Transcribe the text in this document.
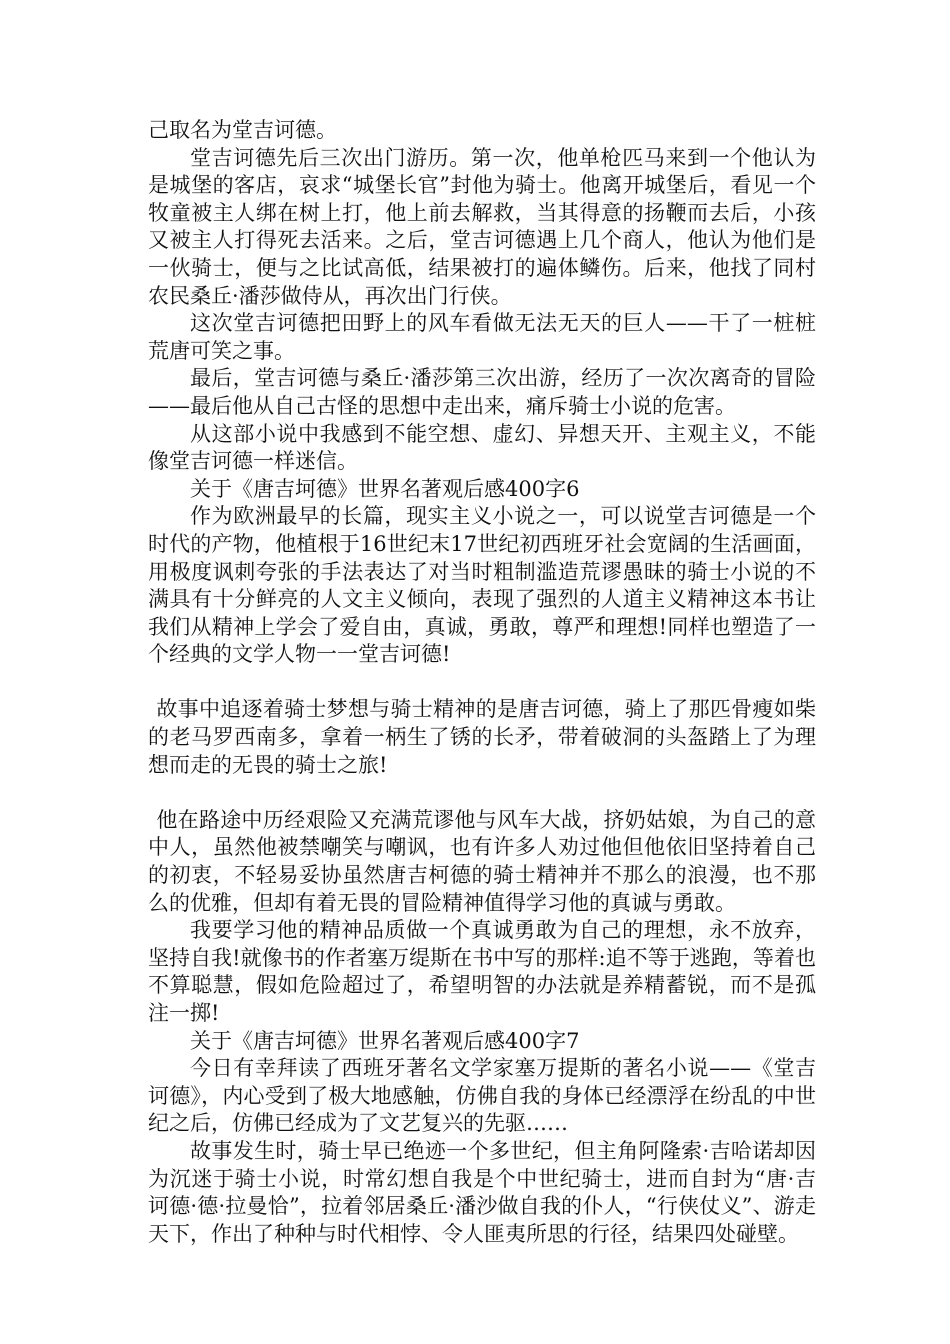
己取名为堂吉诃德。

堂吉诃德先后三次出门游历。第一次，他单枪匹马来到一个他认为是城堡的客店，哀求“城堡长官”封他为骑士。他离开城堡后，看见一个牧童被主人绑在树上打，他上前去解救，当其得意的扬鞭而去后，小孩又被主人打得死去活来。之后，堂吉诃德遇上几个商人，他认为他们是一伙骑士，便与之比试高低，结果被打的遍体鳞伤。后来，他找了同村农民桑丘·潘莎做侍从，再次出门行侠。

这次堂吉诃德把田野上的风车看做无法无天的巨人——干了一桩桩荒唐可笑之事。

最后，堂吉诃德与桑丘·潘莎第三次出游，经历了一次次离奇的冒险——最后他从自己古怪的思想中走出来，痛斥骑士小说的危害。

从这部小说中我感到不能空想、虚幻、异想天开、主观主义，不能像堂吉诃德一样迷信。

关于《唐吉坷德》世界名著观后感400字6

作为欧洲最早的长篇，现实主义小说之一，可以说堂吉诃德是一个时代的产物，他植根于16世纪末17世纪初西班牙社会宽阔的生活画面，用极度讽刺夸张的手法表达了对当时粗制滥造荒谬愚昧的骑士小说的不满具有十分鲜亮的人文主义倾向，表现了强烈的人道主义精神这本书让我们从精神上学会了爱自由，真诚，勇敢，尊严和理想!同样也塑造了一个经典的文学人物一一堂吉诃德!

故事中追逐着骑士梦想与骑士精神的是唐吉诃德，骑上了那匹骨瘦如柴的老马罗西南多，拿着一柄生了锈的长矛，带着破洞的头盔踏上了为理想而走的无畏的骑士之旅!

他在路途中历经艰险又充满荒谬他与风车大战，挤奶姑娘，为自己的意中人，虽然他被禁嘲笑与嘲讽，也有许多人劝过他但他依旧坚持着自己的初衷，不轻易妥协虽然唐吉柯德的骑士精神并不那么的浪漫，也不那么的优雅，但却有着无畏的冒险精神值得学习他的真诚与勇敢。

我要学习他的精神品质做一个真诚勇敢为自己的理想，永不放弃，坚持自我!就像书的作者塞万缇斯在书中写的那样:追不等于逃跑，等着也不算聪慧，假如危险超过了，希望明智的办法就是养精蓄锐，而不是孤注一掷!

关于《唐吉坷德》世界名著观后感400字7

今日有幸拜读了西班牙著名文学家塞万提斯的著名小说——《堂吉诃德》，内心受到了极大地感触，仿佛自我的身体已经漂浮在纷乱的中世纪之后，仿佛已经成为了文艺复兴的先驱……

故事发生时，骑士早已绝迹一个多世纪，但主角阿隆索·吉哈诺却因为沉迷于骑士小说，时常幻想自我是个中世纪骑士，进而自封为“唐·吉诃德·德·拉曼恰”，拉着邻居桑丘·潘沙做自我的仆人，“行侠仗义”、游走天下，作出了种种与时代相悖、令人匪夷所思的行径，结果四处碰壁。
